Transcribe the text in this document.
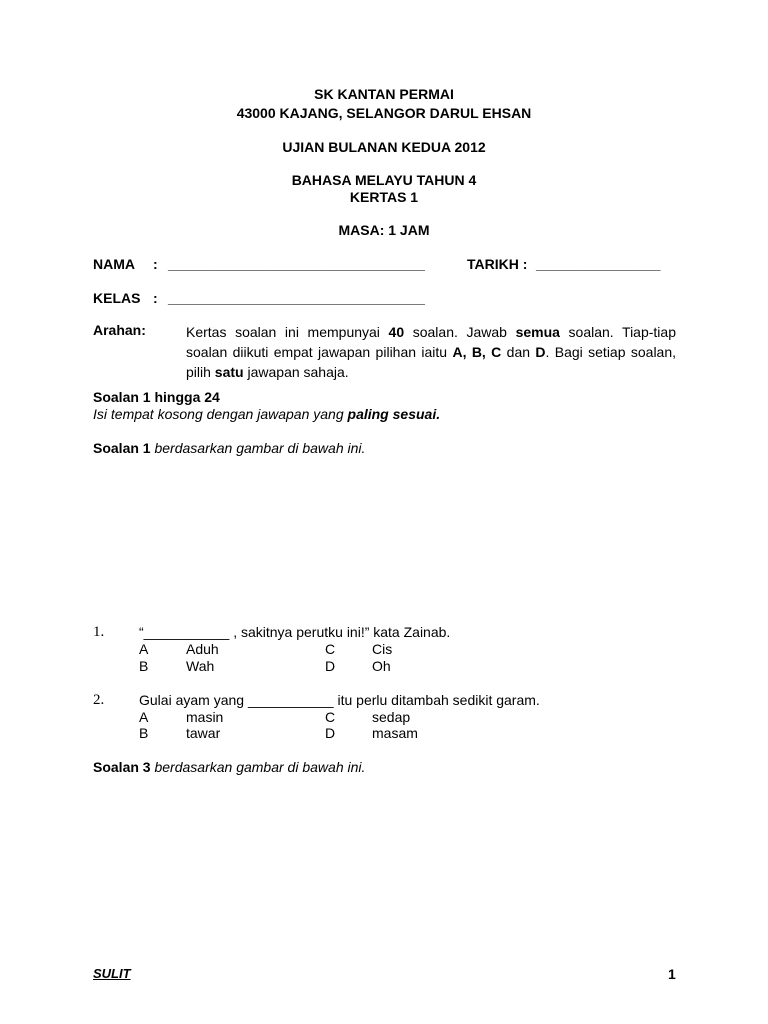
SK KANTAN PERMAI
43000 KAJANG, SELANGOR DARUL EHSAN
UJIAN BULANAN KEDUA 2012
BAHASA MELAYU TAHUN 4
KERTAS 1
MASA: 1 JAM
NAMA : _________________________________	TARIKH : ________________
KELAS : _________________________________
Arahan:	Kertas soalan ini mempunyai 40 soalan. Jawab semua soalan. Tiap-tiap soalan diikuti empat jawapan pilihan iaitu A, B, C dan D. Bagi setiap soalan, pilih satu jawapan sahaja.
Soalan 1 hingga 24
Isi tempat kosong dengan jawapan yang paling sesuai.
Soalan 1 berdasarkan gambar di bawah ini.
1. “___________ , sakitnya perutku ini!” kata Zainab.
A	Aduh	C	Cis
B	Wah	D	Oh
2. Gulai ayam yang ___________ itu perlu ditambah sedikit garam.
A	masin	C	sedap
B	tawar	D	masam
Soalan 3 berdasarkan gambar di bawah ini.
SULIT	1
